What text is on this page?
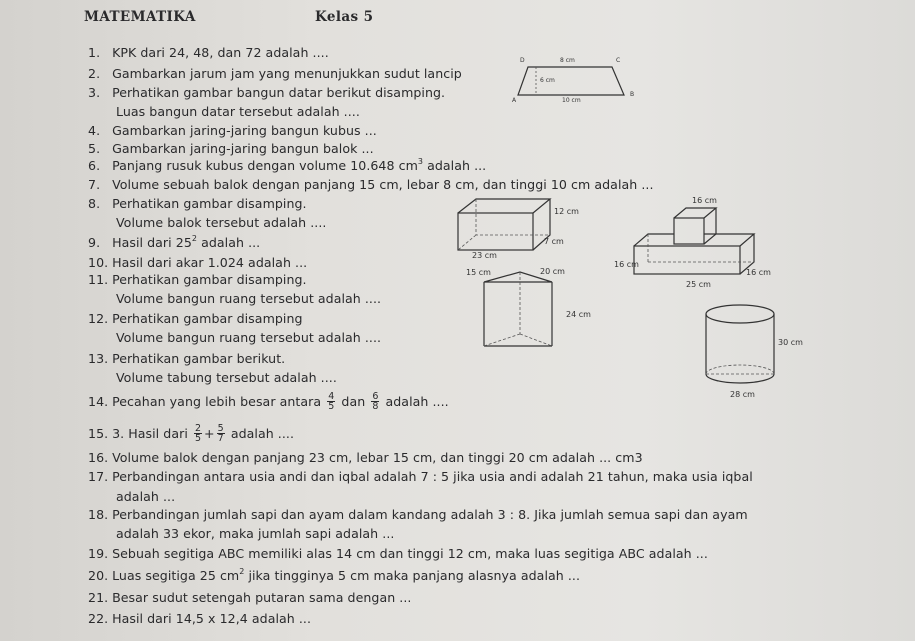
MATEMATIKA	Kelas 5
1. KPK dari 24, 48, dan 72 adalah ....
2. Gambarkan jarum jam yang menunjukkan sudut lancip
3. Perhatikan gambar bangun datar berikut disamping.
Luas bangun datar tersebut adalah ....
4. Gambarkan jaring-jaring bangun kubus ...
5. Gambarkan jaring-jaring bangun balok ...
6. Panjang rusuk kubus dengan volume 10.648 $cm^3$ adalah ...
7. Volume sebuah balok dengan panjang 15 cm, lebar 8 cm, dan tinggi 10 cm adalah ...
8. Perhatikan gambar disamping.
Volume balok tersebut adalah ....
9. Hasil dari $25^2$ adalah ...
10. Hasil dari akar 1.024 adalah ...
11. Perhatikan gambar disamping.
Volume bangun ruang tersebut adalah ....
12. Perhatikan gambar disamping
Volume bangun ruang tersebut adalah ....
13. Perhatikan gambar berikut.
Volume tabung tersebut adalah ....
14. Pecahan yang lebih besar antara $\frac{4}{5}$ dan $\frac{6}{8}$ adalah ....
15. 3. Hasil dari $\frac{2}{5} + \frac{5}{7}$ adalah ....
16. Volume balok dengan panjang 23 cm, lebar 15 cm, dan tinggi 20 cm adalah ... cm3
17. Perbandingan antara usia andi dan iqbal adalah 7 : 5 jika usia andi adalah 21 tahun, maka usia iqbal
adalah ...
18. Perbandingan jumlah sapi dan ayam dalam kandang adalah 3 : 8. Jika jumlah semua sapi dan ayam
adalah 33 ekor, maka jumlah sapi adalah ...
19. Sebuah segitiga ABC memiliki alas 14 cm dan tinggi 12 cm, maka luas segitiga ABC adalah ...
20. Luas segitiga 25 $cm^2$ jika tingginya 5 cm maka panjang alasnya adalah ...
21. Besar sudut setengah putaran sama dengan ...
22. Hasil dari 14,5 x 12,4 adalah ...
D	C
A
B
8 cm
6 cm
10 cm
12 cm
7 cm
23 cm
16 cm
16 cm
16 cm
25 cm
15 cm	20 cm
24 cm
30 cm
28 cm
